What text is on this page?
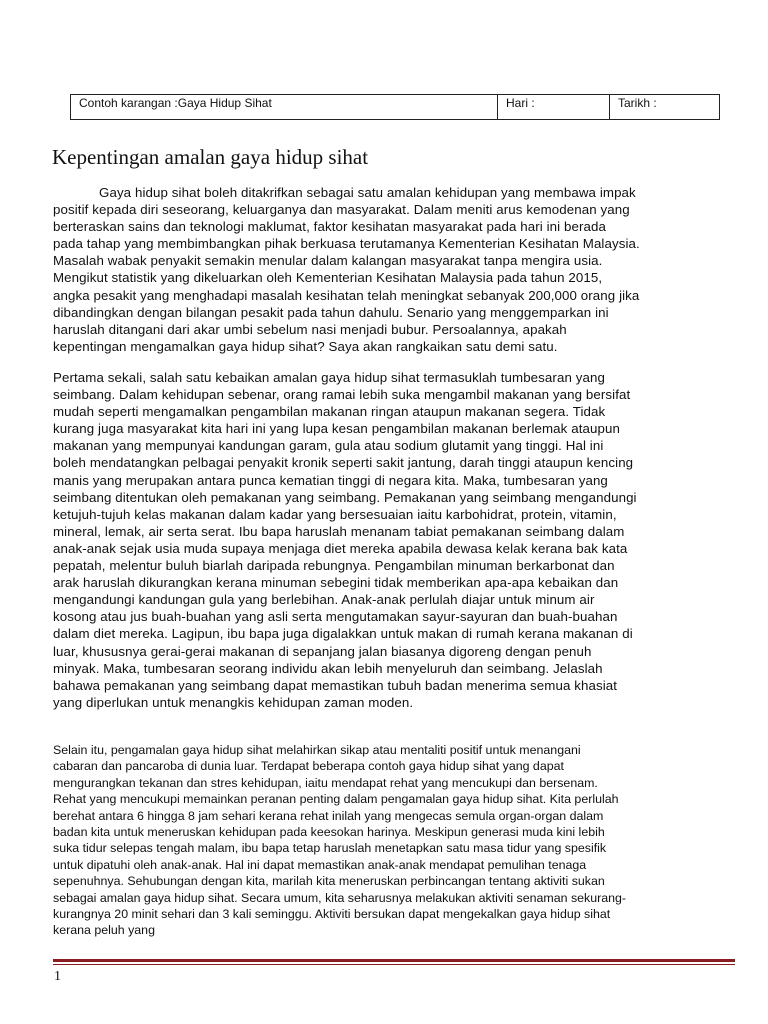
Contoh karangan :Gaya Hidup Sihat	Hari :	Tarikh :
Kepentingan amalan gaya hidup sihat
Gaya hidup sihat boleh ditakrifkan sebagai satu amalan kehidupan yang membawa impak
positif kepada diri seseorang, keluarganya dan masyarakat. Dalam meniti arus kemodenan yang
berteraskan sains dan teknologi maklumat, faktor kesihatan masyarakat pada hari ini berada
pada tahap yang membimbangkan pihak berkuasa terutamanya Kementerian Kesihatan Malaysia.
Masalah wabak penyakit semakin menular dalam kalangan masyarakat tanpa mengira usia.
Mengikut statistik yang dikeluarkan oleh Kementerian Kesihatan Malaysia pada tahun 2015,
angka pesakit yang menghadapi masalah kesihatan telah meningkat sebanyak 200,000 orang jika
dibandingkan dengan bilangan pesakit pada tahun dahulu. Senario yang menggemparkan ini
haruslah ditangani dari akar umbi sebelum nasi menjadi bubur. Persoalannya, apakah
kepentingan mengamalkan gaya hidup sihat? Saya akan rangkaikan satu demi satu.
Pertama sekali, salah satu kebaikan amalan gaya hidup sihat termasuklah tumbesaran yang
seimbang. Dalam kehidupan sebenar, orang ramai lebih suka mengambil makanan yang bersifat
mudah seperti mengamalkan pengambilan makanan ringan ataupun makanan segera. Tidak
kurang juga masyarakat kita hari ini yang lupa kesan pengambilan makanan berlemak ataupun
makanan yang mempunyai kandungan garam, gula atau sodium glutamit yang tinggi. Hal ini
boleh mendatangkan pelbagai penyakit kronik seperti sakit jantung, darah tinggi ataupun kencing
manis yang merupakan antara punca kematian tinggi di negara kita. Maka, tumbesaran yang
seimbang ditentukan oleh pemakanan yang seimbang. Pemakanan yang seimbang mengandungi
ketujuh-tujuh kelas makanan dalam kadar yang bersesuaian iaitu karbohidrat, protein, vitamin,
mineral, lemak, air serta serat. Ibu bapa haruslah menanam tabiat pemakanan seimbang dalam
anak-anak sejak usia muda supaya menjaga diet mereka apabila dewasa kelak kerana bak kata
pepatah, melentur buluh biarlah daripada rebungnya. Pengambilan minuman berkarbonat dan
arak haruslah dikurangkan kerana minuman sebegini tidak memberikan apa-apa kebaikan dan
mengandungi kandungan gula yang berlebihan. Anak-anak perlulah diajar untuk minum air
kosong atau jus buah-buahan yang asli serta mengutamakan sayur-sayuran dan buah-buahan
dalam diet mereka. Lagipun, ibu bapa juga digalakkan untuk makan di rumah kerana makanan di
luar, khususnya gerai-gerai makanan di sepanjang jalan biasanya digoreng dengan penuh
minyak. Maka, tumbesaran seorang individu akan lebih menyeluruh dan seimbang. Jelaslah
bahawa pemakanan yang seimbang dapat memastikan tubuh badan menerima semua khasiat
yang diperlukan untuk menangkis kehidupan zaman moden.
Selain itu, pengamalan gaya hidup sihat melahirkan sikap atau mentaliti positif untuk menangani
cabaran dan pancaroba di dunia luar. Terdapat beberapa contoh gaya hidup sihat yang dapat
mengurangkan tekanan dan stres kehidupan, iaitu mendapat rehat yang mencukupi dan bersenam.
Rehat yang mencukupi memainkan peranan penting dalam pengamalan gaya hidup sihat. Kita perlulah
berehat antara 6 hingga 8 jam sehari kerana rehat inilah yang mengecas semula organ-organ dalam
badan kita untuk meneruskan kehidupan pada keesokan harinya. Meskipun generasi muda kini lebih
suka tidur selepas tengah malam, ibu bapa tetap haruslah menetapkan satu masa tidur yang spesifik
untuk dipatuhi oleh anak-anak. Hal ini dapat memastikan anak-anak mendapat pemulihan tenaga
sepenuhnya. Sehubungan dengan kita, marilah kita meneruskan perbincangan tentang aktiviti sukan
sebagai amalan gaya hidup sihat. Secara umum, kita seharusnya melakukan aktiviti senaman sekurang-
kurangnya 20 minit sehari dan 3 kali seminggu. Aktiviti bersukan dapat mengekalkan gaya hidup sihat
kerana peluh yang
1
